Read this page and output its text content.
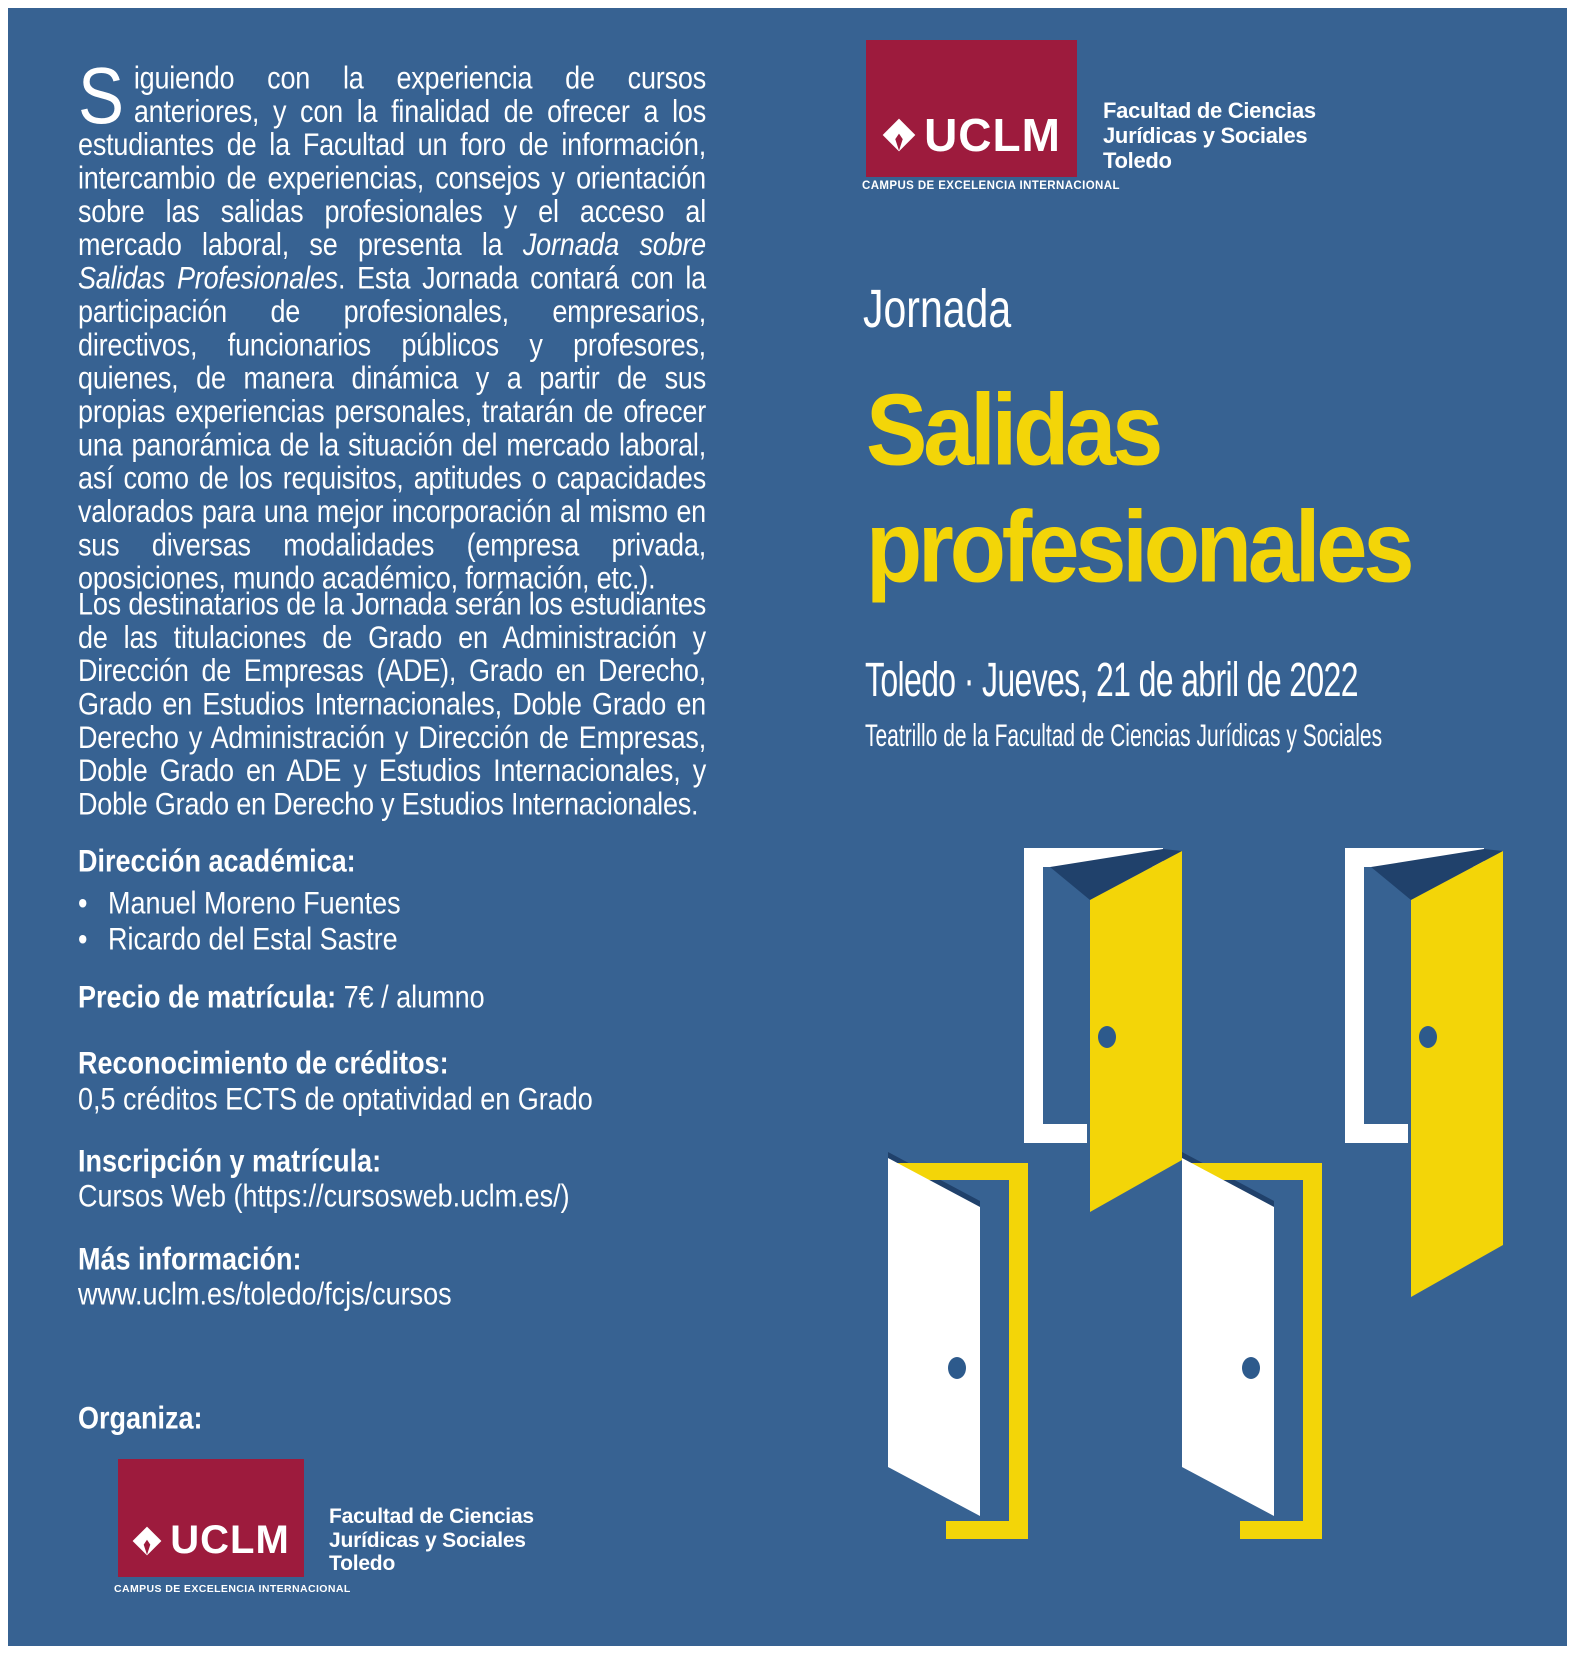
Siguiendo con la experiencia de cursos anteriores, y con la finalidad de ofrecer a los estudiantes de la Facultad un foro de información, intercambio de experiencias, consejos y orientación sobre las salidas profesionales y el acceso al mercado laboral, se presenta la Jornada sobre Salidas Profesionales. Esta Jornada contará con la participación de profesionales, empresarios, directivos, funcionarios públicos y profesores, quienes, de manera dinámica y a partir de sus propias experiencias personales, tratarán de ofrecer una panorámica de la situación del mercado laboral, así como de los requisitos, aptitudes o capacidades valorados para una mejor incorporación al mismo en sus diversas modalidades (empresa privada, oposiciones, mundo académico, formación, etc.).

Los destinatarios de la Jornada serán los estudiantes de las titulaciones de Grado en Administración y Dirección de Empresas (ADE), Grado en Derecho, Grado en Estudios Internacionales, Doble Grado en Derecho y Administración y Dirección de Empresas, Doble Grado en ADE y Estudios Internacionales, y Doble Grado en Derecho y Estudios Internacionales.

Dirección académica:

• Manuel Moreno Fuentes
• Ricardo del Estal Sastre

Precio de matrícula: 7€ / alumno

Reconocimiento de créditos:

0,5 créditos ECTS de optatividad en Grado

Inscripción y matrícula:

Cursos Web (https://cursosweb.uclm.es/)

Más información:

www.uclm.es/toledo/fcjs/cursos

Organiza:

UCLM
CAMPUS DE EXCELENCIA INTERNACIONAL
Facultad de Ciencias
Jurídicas y Sociales
Toledo
UCLM
CAMPUS DE EXCELENCIA INTERNACIONAL
Facultad de Ciencias
Jurídicas y Sociales
Toledo

Jornada

Salidas

profesionales

Toledo · Jueves, 21 de abril de 2022

Teatrillo de la Facultad de Ciencias Jurídicas y Sociales
